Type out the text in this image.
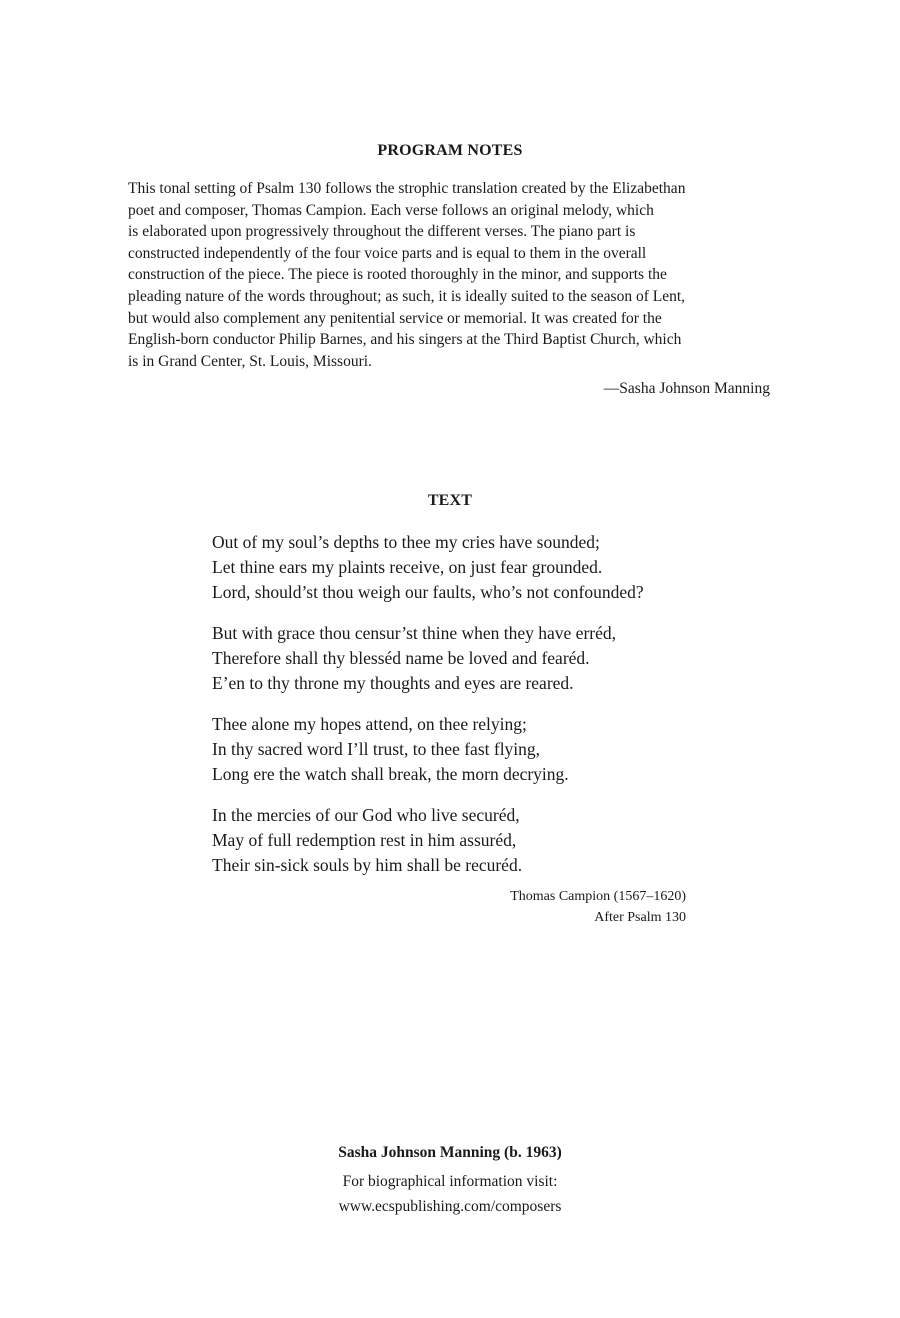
PROGRAM NOTES
This tonal setting of Psalm 130 follows the strophic translation created by the Elizabethan
poet and composer, Thomas Campion. Each verse follows an original melody, which
is elaborated upon progressively throughout the different verses. The piano part is
constructed independently of the four voice parts and is equal to them in the overall
construction of the piece. The piece is rooted thoroughly in the minor, and supports the
pleading nature of the words throughout; as such, it is ideally suited to the season of Lent,
but would also complement any penitential service or memorial. It was created for the
English-born conductor Philip Barnes, and his singers at the Third Baptist Church, which
is in Grand Center, St. Louis, Missouri.
—Sasha Johnson Manning
TEXT
Out of my soul’s depths to thee my cries have sounded;
Let thine ears my plaints receive, on just fear grounded.
Lord, should’st thou weigh our faults, who’s not confounded?
But with grace thou censur’st thine when they have erréd,
Therefore shall thy blesséd name be loved and fearéd.
E’en to thy throne my thoughts and eyes are reared.
Thee alone my hopes attend, on thee relying;
In thy sacred word I’ll trust, to thee fast flying,
Long ere the watch shall break, the morn decrying.
In the mercies of our God who live securéd,
May of full redemption rest in him assuréd,
Their sin-sick souls by him shall be recuréd.
Thomas Campion (1567–1620)
After Psalm 130
Sasha Johnson Manning (b. 1963)
For biographical information visit:
www.ecspublishing.com/composers
